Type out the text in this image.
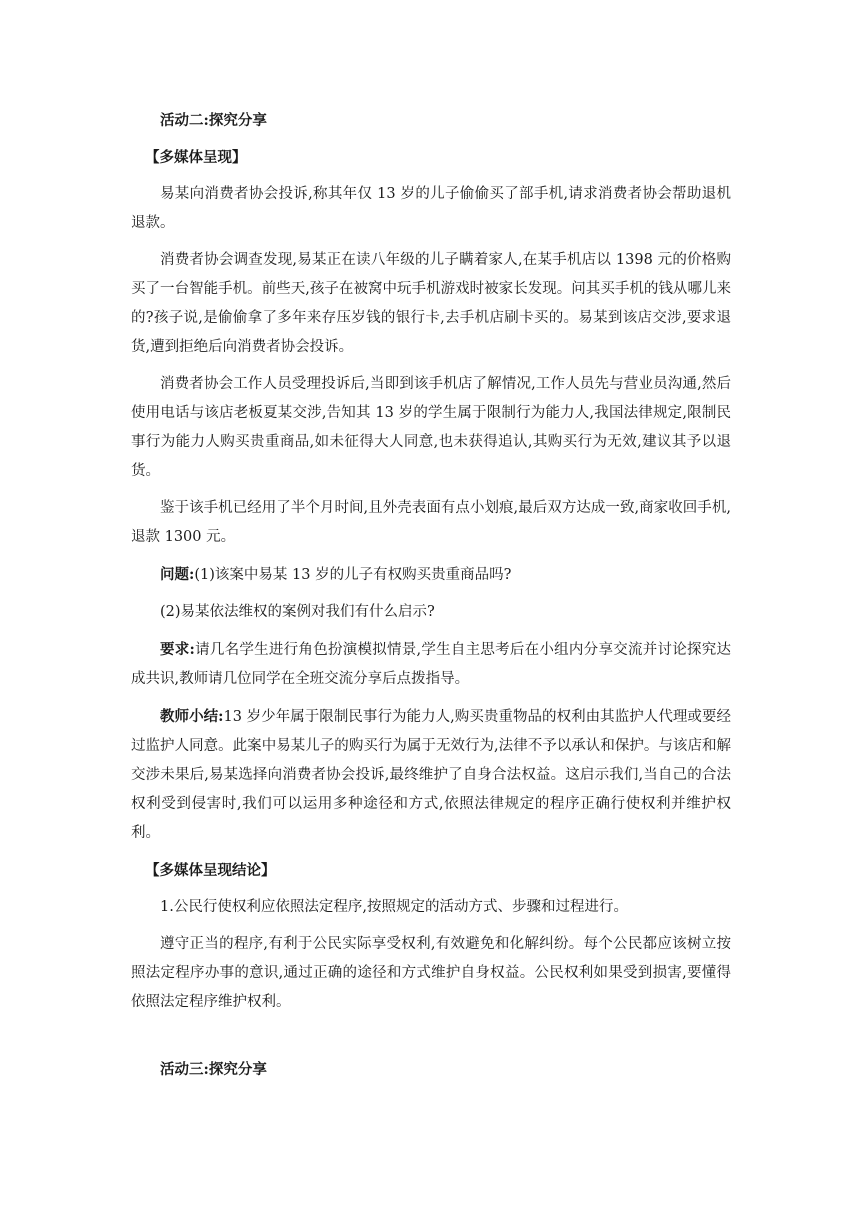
活动二:探究分享

【多媒体呈现】

易某向消费者协会投诉,称其年仅 13 岁的儿子偷偷买了部手机,请求消费者协会帮助退机退款。

消费者协会调查发现,易某正在读八年级的儿子瞒着家人,在某手机店以 1398 元的价格购买了一台智能手机。前些天,孩子在被窝中玩手机游戏时被家长发现。问其买手机的钱从哪儿来的?孩子说,是偷偷拿了多年来存压岁钱的银行卡,去手机店刷卡买的。易某到该店交涉,要求退货,遭到拒绝后向消费者协会投诉。

消费者协会工作人员受理投诉后,当即到该手机店了解情况,工作人员先与营业员沟通,然后使用电话与该店老板夏某交涉,告知其 13 岁的学生属于限制行为能力人,我国法律规定,限制民事行为能力人购买贵重商品,如未征得大人同意,也未获得追认,其购买行为无效,建议其予以退货。

鉴于该手机已经用了半个月时间,且外壳表面有点小划痕,最后双方达成一致,商家收回手机,退款 1300 元。

问题:(1)该案中易某 13 岁的儿子有权购买贵重商品吗?

(2)易某依法维权的案例对我们有什么启示?

要求:请几名学生进行角色扮演模拟情景,学生自主思考后在小组内分享交流并讨论探究达成共识,教师请几位同学在全班交流分享后点拨指导。

教师小结:13 岁少年属于限制民事行为能力人,购买贵重物品的权利由其监护人代理或要经过监护人同意。此案中易某儿子的购买行为属于无效行为,法律不予以承认和保护。与该店和解交涉未果后,易某选择向消费者协会投诉,最终维护了自身合法权益。这启示我们,当自己的合法权利受到侵害时,我们可以运用多种途径和方式,依照法律规定的程序正确行使权利并维护权利。

【多媒体呈现结论】

1.公民行使权利应依照法定程序,按照规定的活动方式、步骤和过程进行。

遵守正当的程序,有利于公民实际享受权利,有效避免和化解纠纷。每个公民都应该树立按照法定程序办事的意识,通过正确的途径和方式维护自身权益。公民权利如果受到损害,要懂得依照法定程序维护权利。

活动三:探究分享
